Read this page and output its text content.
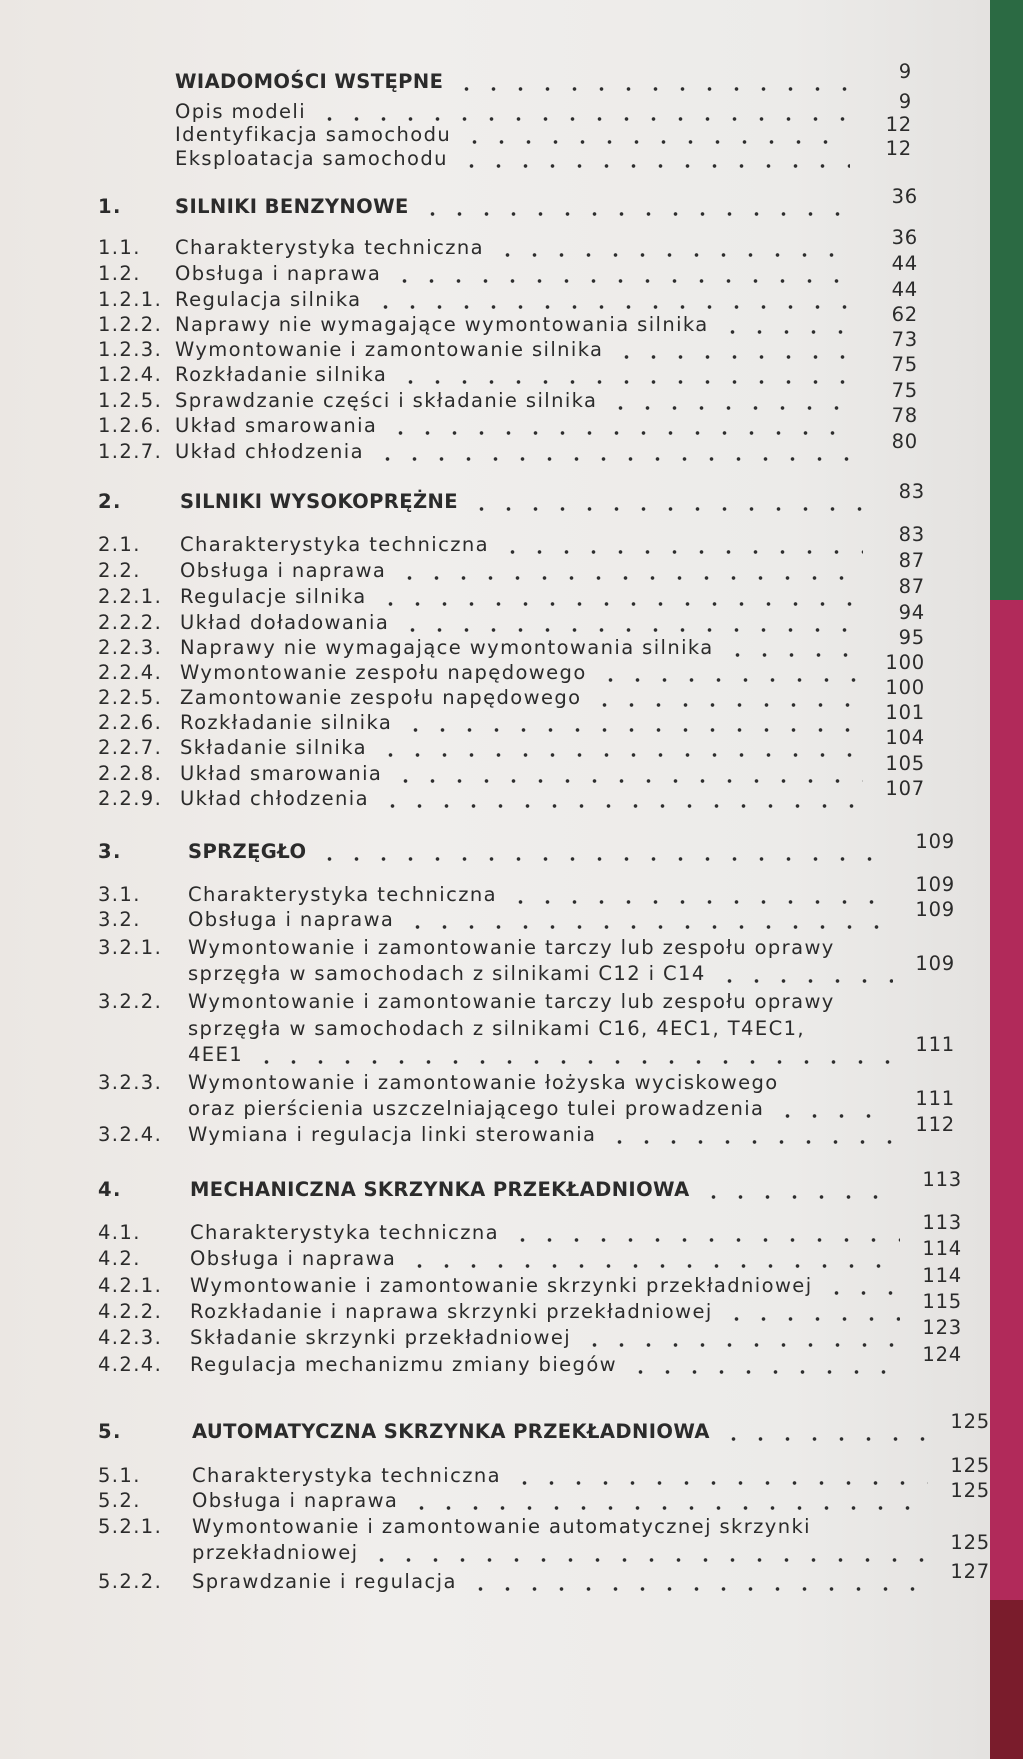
WIADOMOŚCI WSTĘPNE	9
Opis modeli	9
Identyfikacja samochodu	12
Eksploatacja samochodu	12
1.	SILNIKI BENZYNOWE	36
1.1. Charakterystyka techniczna	36
1.2. Obsługa i naprawa	44
1.2.1. Regulacja silnika	44
1.2.2. Naprawy nie wymagające wymontowania silnika	62
1.2.3. Wymontowanie i zamontowanie silnika	73
1.2.4. Rozkładanie silnika	75
1.2.5. Sprawdzanie części i składanie silnika	75
1.2.6. Układ smarowania	78
1.2.7. Układ chłodzenia	80
2.	SILNIKI WYSOKOPRĘŻNE	83
2.1. Charakterystyka techniczna	83
2.2. Obsługa i naprawa	87
2.2.1. Regulacje silnika	87
2.2.2. Układ doładowania	94
2.2.3. Naprawy nie wymagające wymontowania silnika	95
2.2.4. Wymontowanie zespołu napędowego	100
2.2.5. Zamontowanie zespołu napędowego	100
2.2.6. Rozkładanie silnika	101
2.2.7. Składanie silnika	104
2.2.8. Układ smarowania	105
2.2.9. Układ chłodzenia	107
3.	SPRZĘGŁO	109
3.1. Charakterystyka techniczna	109
3.2. Obsługa i naprawa	109
3.2.1. Wymontowanie i zamontowanie tarczy lub zespołu oprawy
sprzęgła w samochodach z silnikami C12 i C14	109
3.2.2. Wymontowanie i zamontowanie tarczy lub zespołu oprawy
sprzęgła w samochodach z silnikami C16, 4EC1, T4EC1,
4EE1	111
3.2.3. Wymontowanie i zamontowanie łożyska wyciskowego
oraz pierścienia uszczelniającego tulei prowadzenia	111
3.2.4. Wymiana i regulacja linki sterowania	112
4.	MECHANICZNA SKRZYNKA PRZEKŁADNIOWA	113
4.1.	Charakterystyka techniczna	113
4.2.	Obsługa i naprawa	114
4.2.1. Wymontowanie i zamontowanie skrzynki przekładniowej	114
4.2.2. Rozkładanie i naprawa skrzynki przekładniowej	115
4.2.3. Składanie skrzynki przekładniowej	123
4.2.4. Regulacja mechanizmu zmiany biegów	124
5.	AUTOMATYCZNA SKRZYNKA PRZEKŁADNIOWA	125
5.1.	Charakterystyka techniczna	125
5.2.	Obsługa i naprawa	125
5.2.1. Wymontowanie i zamontowanie automatycznej skrzynki
przekładniowej	125
5.2.2. Sprawdzanie i regulacja	127
